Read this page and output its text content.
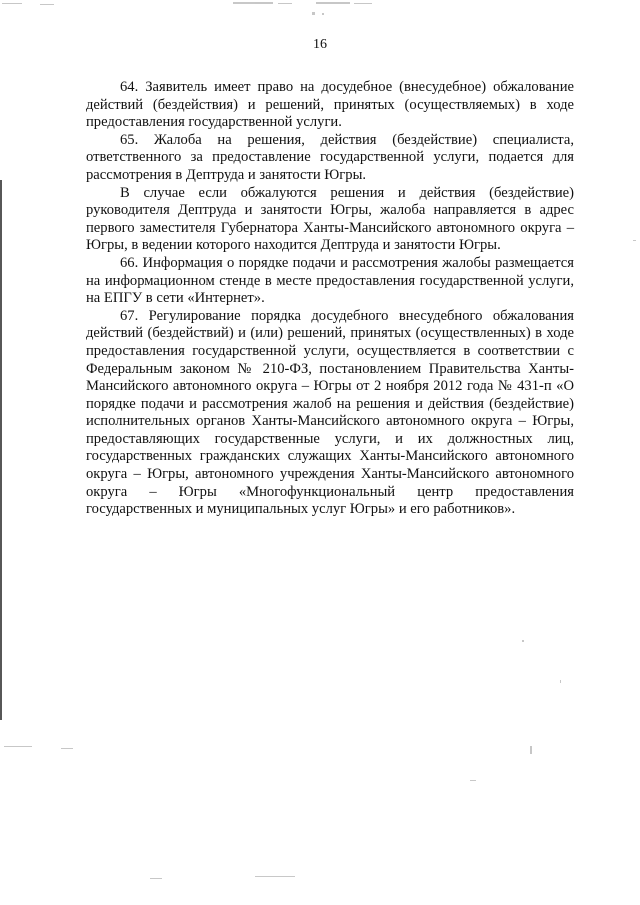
16

64. Заявитель имеет право на досудебное (внесудебное) обжалование действий (бездействия) и решений, принятых (осуществляемых) в ходе предоставления государственной услуги.

65. Жалоба на решения, действия (бездействие) специалиста, ответственного за предоставление государственной услуги, подается для рассмотрения в Дептруда и занятости Югры.

В случае если обжалуются решения и действия (бездействие) руководителя Дептруда и занятости Югры, жалоба направляется в адрес первого заместителя Губернатора Ханты-Мансийского автономного округа – Югры, в ведении которого находится Дептруда и занятости Югры.

66. Информация о порядке подачи и рассмотрения жалобы размещается на информационном стенде в месте предоставления государственной услуги, на ЕПГУ в сети «Интернет».

67. Регулирование порядка досудебного внесудебного обжалования действий (бездействий) и (или) решений, принятых (осуществленных) в ходе предоставления государственной услуги, осуществляется в соответствии с Федеральным законом № 210-ФЗ, постановлением Правительства Ханты-Мансийского автономного округа – Югры от 2 ноября 2012 года № 431-п «О порядке подачи и рассмотрения жалоб на решения и действия (бездействие) исполнительных органов Ханты-Мансийского автономного округа – Югры, предоставляющих государственные услуги, и их должностных лиц, государственных гражданских служащих Ханты-Мансийского автономного округа – Югры, автономного учреждения Ханты-Мансийского автономного округа – Югры «Многофункциональный центр предоставления государственных и муниципальных услуг Югры» и его работников».
